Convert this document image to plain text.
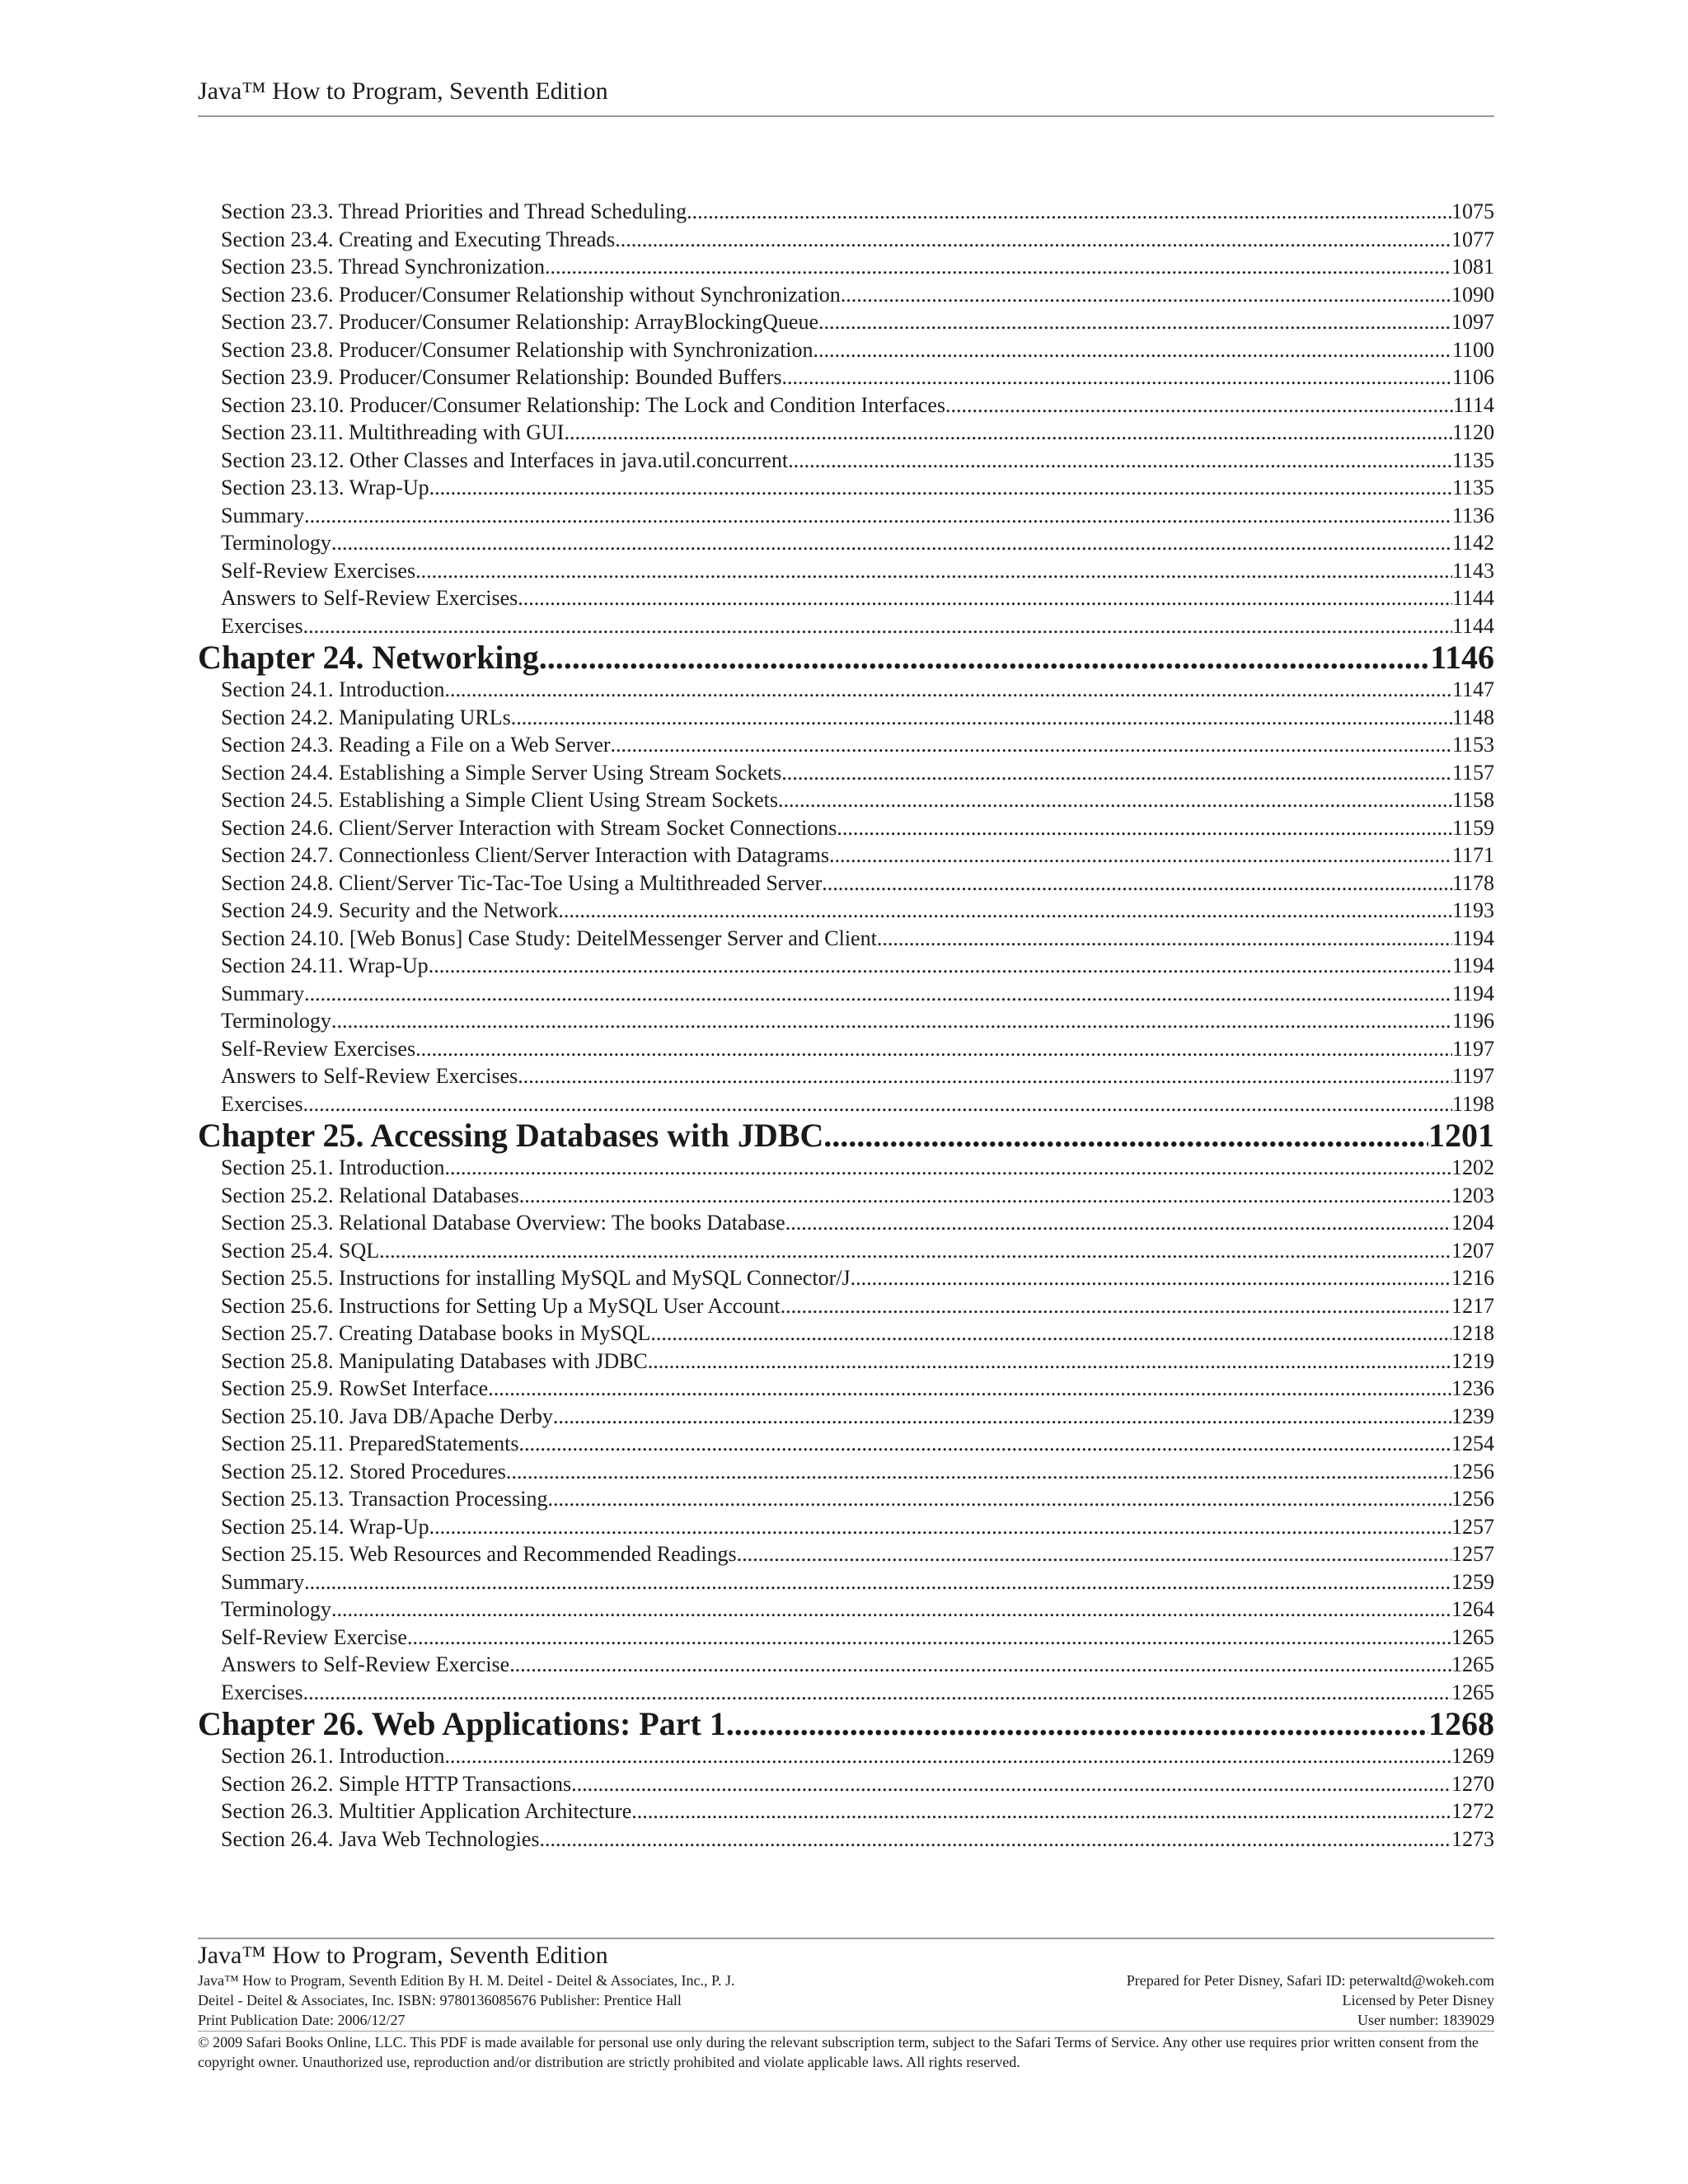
Java™ How to Program, Seventh Edition
Section 23.3. Thread Priorities and Thread Scheduling .....	1075
Section 23.4. Creating and Executing Threads .....	1077
Section 23.5. Thread Synchronization .....	1081
Section 23.6. Producer/Consumer Relationship without Synchronization .....	1090
Section 23.7. Producer/Consumer Relationship: ArrayBlockingQueue .....	1097
Section 23.8. Producer/Consumer Relationship with Synchronization .....	1100
Section 23.9. Producer/Consumer Relationship: Bounded Buffers .....	1106
Section 23.10. Producer/Consumer Relationship: The Lock and Condition Interfaces .....	1114
Section 23.11. Multithreading with GUI .....	1120
Section 23.12. Other Classes and Interfaces in java.util.concurrent .....	1135
Section 23.13. Wrap-Up .....	1135
Summary .....	1136
Terminology .....	1142
Self-Review Exercises .....	1143
Answers to Self-Review Exercises .....	1144
Exercises .....	1144
Chapter 24. Networking .....	1146
Section 24.1. Introduction .....	1147
Section 24.2. Manipulating URLs .....	1148
Section 24.3. Reading a File on a Web Server .....	1153
Section 24.4. Establishing a Simple Server Using Stream Sockets .....	1157
Section 24.5. Establishing a Simple Client Using Stream Sockets .....	1158
Section 24.6. Client/Server Interaction with Stream Socket Connections .....	1159
Section 24.7. Connectionless Client/Server Interaction with Datagrams .....	1171
Section 24.8. Client/Server Tic-Tac-Toe Using a Multithreaded Server .....	1178
Section 24.9. Security and the Network .....	1193
Section 24.10. [Web Bonus] Case Study: DeitelMessenger Server and Client .....	1194
Section 24.11. Wrap-Up .....	1194
Summary .....	1194
Terminology .....	1196
Self-Review Exercises .....	1197
Answers to Self-Review Exercises .....	1197
Exercises .....	1198
Chapter 25. Accessing Databases with JDBC .....	1201
Section 25.1. Introduction .....	1202
Section 25.2. Relational Databases .....	1203
Section 25.3. Relational Database Overview: The books Database .....	1204
Section 25.4. SQL .....	1207
Section 25.5. Instructions for installing MySQL and MySQL Connector/J .....	1216
Section 25.6. Instructions for Setting Up a MySQL User Account .....	1217
Section 25.7. Creating Database books in MySQL .....	1218
Section 25.8. Manipulating Databases with JDBC .....	1219
Section 25.9. RowSet Interface .....	1236
Section 25.10. Java DB/Apache Derby .....	1239
Section 25.11. PreparedStatements .....	1254
Section 25.12. Stored Procedures .....	1256
Section 25.13. Transaction Processing .....	1256
Section 25.14. Wrap-Up .....	1257
Section 25.15. Web Resources and Recommended Readings .....	1257
Summary .....	1259
Terminology .....	1264
Self-Review Exercise .....	1265
Answers to Self-Review Exercise .....	1265
Exercises .....	1265
Chapter 26. Web Applications: Part 1 .....	1268
Section 26.1. Introduction .....	1269
Section 26.2. Simple HTTP Transactions .....	1270
Section 26.3. Multitier Application Architecture .....	1272
Section 26.4. Java Web Technologies .....	1273
Java™ How to Program, Seventh Edition
Java™ How to Program, Seventh Edition By H. M. Deitel - Deitel & Associates, Inc., P. J.
Deitel - Deitel & Associates, Inc. ISBN: 9780136085676 Publisher: Prentice Hall
Print Publication Date: 2006/12/27
Prepared for Peter Disney, Safari ID: peterwaltd@wokeh.com
Licensed by Peter Disney
User number: 1839029
© 2009 Safari Books Online, LLC. This PDF is made available for personal use only during the relevant subscription term, subject to the Safari Terms of Service. Any other use requires prior written consent from the copyright owner. Unauthorized use, reproduction and/or distribution are strictly prohibited and violate applicable laws. All rights reserved.
